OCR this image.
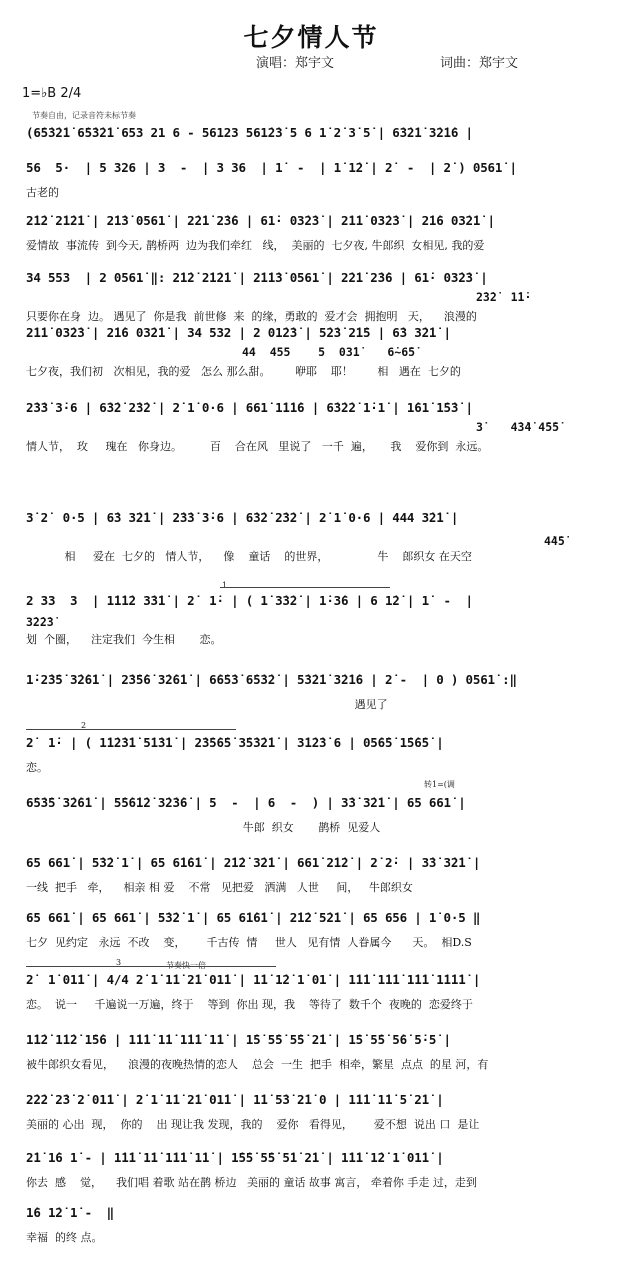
七夕情人节
演唱：郑宇文	词曲：郑宇文
1=♭B 2/4
节奏自由，记录音符未标节奏
(6̇5̇3̇2̇1̇ 6̇5̇3̇2̇1̇ 653 21 6 - 56123 561̇2̇3̇ 5 6 1̇ 2̇ 3̇ 5̇ | 6̇3̇2̇1̇ 3̇2̇1̇6 |
56  5·  | 5 326 | 3  -  | 3 36  | 1̇  -  | 1̇ 1̇2̇ | 2̇  -  | 2̇ ) 0561̇ |
古老的
2̇1̇2̇ 2̇1̇2̇1̇ | 2̇1̇3̇ 0561̇ | 2̇2̇1̇ 2̇3̇6 | 61̇· 03̇2̇3̇ | 2̇1̇1̇ 03̇2̇3̇ | 2̇1̇6 03̇2̇1̇ |
爱情故  事流传  到今天, 鹊桥两  边为我们牵红   线，  美丽的  七夕夜, 牛郎织  女相见, 我的爱
34 553  | 2 0561̇ ‖: 2̇1̇2̇ 2̇1̇2̇1̇ | 2̇1̇1̇3̇ 0561̇ | 2̇2̇1̇ 2̇3̇6 | 61̇· 03̇2̇3̇ |
只要你在身  边。 遇见了  你是我  前世修  来  的缘，勇敢的  爱才会  拥抱明   天，    浪漫的
2̇1̇1̇ 03̇2̇3̇ | 2̇1̇6 03̇2̇1̇ | 34 532 | 2 01̇2̇3̇ | 5̇2̇3̇ 2̇1̇5 | 6̇3 3̇2̇1̇ |
七夕夜，我们初   次相见，我的爱   怎么 那么甜。       咿耶    耶！       相   遇在  七夕的
2̇3̇3̇ 3̇·6 | 6̇3̇2̇ 2̇3̇2̇ | 2̇ 1̇ 0·6 | 661̇ 1̇1̇1̇6 | 6̇3̇2̇2̇ 1̇·1̇ | 1̇61̇ 1̇5̇3̇ |
情人节，  玫     瑰在   你身边。        百    合在风   里说了   一千  遍，     我    爱你到  永远。
3̇ 2̇  0·5 | 6̇3 3̇2̇1̇ | 2̇3̇3̇ 3̇·6 | 6̇3̇2̇ 2̇3̇2̇ | 2̇ 1̇ 0·6 | 444 3̇2̇1̇ |
相     爱在  七夕的   情人节，    像    童话    的世界，              牛    郎织女 在天空
2 33  3  | 1̇1̇1̇2 3̇3̇1̇ | 2̇  1̇· | ( 1̇ 3̇3̇2̇ | 1̇·3̇6 | 6 1̇2̇ | 1̇  -  |
划  个圈，    注定我们  今生相       恋。
1̇·2̇3̇5̇ 3̇2̇6̇1̇ | 2̇3̇5̇6̇ 3̇2̇6̇1̇ | 6̇6̇5̇3̇ 6̇5̇3̇2̇ | 5̇3̇2̇1̇ 3̇2̇1̇6 | 2̇ -  | 0 ) 0561̇ :‖
遇见了
2̇  1̇· | ( 1̇1̇2̇3̇1̇ 5̇1̇3̇1̇ | 2̇3̇5̇6̇5̇ 3̇5̇3̇2̇1̇ | 3̇1̇2̇3̇ 6 | 05̇6̇5̇ 1̇5̇6̇5̇ |
恋。
6̇5̇3̇5̇ 3̇2̇6̇1̇ | 5̇5̇6̇1̇2̇ 3̇2̇3̇6̇ | 5  -  | 6  -  ) | 3̇3̇ 3̇2̇1̇ | 65 661̇ |
牛郎  织女       鹊桥  见爱人
65 661̇ | 5̇3̇2̇ 1̇ | 65 6̇1̇6̇1̇ | 2̇1̇2̇ 3̇2̇1̇ | 661̇ 2̇1̇2̇ | 2̇ 2̇· | 3̇3̇ 3̇2̇1̇ |
一线  把手   牵，    相亲 相 爱    不常   见把爱   洒满   人世     间，   牛郎织女
65 661̇ | 65 661̇ | 5̇3̇2̇ 1̇ | 65 6̇1̇6̇1̇ | 2̇1̇2̇ 5̇2̇1̇ | 65 656 | 1̇ 0·5 ‖
七夕  见约定   永远  不改    变，      千古传  情     世人   见有情  人眷属今      天。  相D.S
2̇  1̇ 01̇1̇ | 4/4 2̇ 1̇ 1̇1̇ 2̇1̇ 01̇1̇ | 1̇1̇ 1̇2̇ 1̇ 01̇ | 1̇1̇1̇ 1̇1̇1̇ 1̇1̇1̇ 1̇1̇1̇1̇ |
恋。  说一     千遍说一万遍，终于    等到  你出 现，我    等待了  数千个  夜晚的  恋爱终于
1̇1̇2̇ 1̇1̇2̇ 1̇5̇6 | 1̇1̇1̇ 1̇1̇ 1̇1̇1̇ 1̇1̇ | 1̇5̇ 5̇5̇ 5̇5̇ 2̇1̇ | 1̇5̇ 5̇5̇ 5̇6̇ 5̇·5̇ |
被牛郎织女看见，    浪漫的夜晚热情的恋人    总会  一生  把手  相牵，繁星  点点  的星 河，有
2̇2̇2̇ 2̇3̇ 2̇ 01̇1̇ | 2̇ 1̇ 1̇1̇ 2̇1̇ 01̇1̇ | 1̇1̇ 5̇3̇ 2̇1̇ 0 | 1̇1̇1̇ 1̇1̇ 5̇ 2̇1̇ |
美丽的 心出  现，  你的    出 现让我 发现，我的    爱你   看得见，      爱不想  说出 口  是让
2̇1̇ 1̇6 1̇ - | 1̇1̇1̇ 1̇1̇ 1̇1̇1̇ 1̇1̇ | 1̇5̇5̇ 5̇5̇ 5̇1̇ 2̇1̇ | 1̇1̇1̇ 1̇2̇ 1̇ 01̇1̇ |
你去  感    觉，    我们唱 着歌 站在鹊 桥边   美丽的 童话 故事 寓言， 牵着你 手走 过，走到
1̇6 1̇2̇ 1̇ -  ‖
幸福  的终 点。
2̇3̇2̇  1̇1̇·
44  455    5  03̇1̇    6̇~6̇5̇
3̇    4̇3̇4̇ 4̇5̇5̇
4̇4̇5̇
3̇2̇2̇3̇
1
2
转1=(调
3	节奏快一倍
